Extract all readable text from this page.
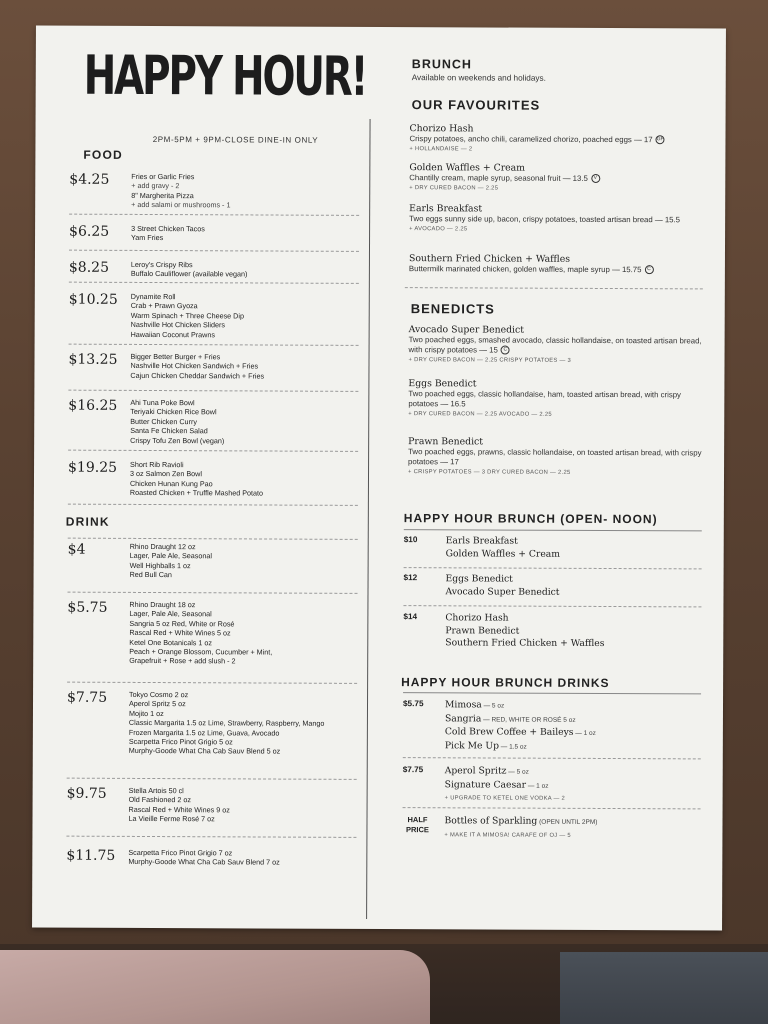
HAPPY HOUR!
2PM-5PM + 9PM-CLOSE DINE-IN ONLY
FOOD
$4.25	Fries or Garlic Fries
+ add gravy - 2
8" Margherita Pizza
+ add salami or mushrooms - 1
$6.25	3 Street Chicken Tacos
Yam Fries
$8.25	Leroy's Crispy Ribs
Buffalo Cauliflower (available vegan)
$10.25	Dynamite Roll
Crab + Prawn Gyoza
Warm Spinach + Three Cheese Dip
Nashville Hot Chicken Sliders
Hawaiian Coconut Prawns
$13.25	Bigger Better Burger + Fries
Nashville Hot Chicken Sandwich + Fries
Cajun Chicken Cheddar Sandwich + Fries
$16.25	Ahi Tuna Poke Bowl
Teriyaki Chicken Rice Bowl
Butter Chicken Curry
Santa Fe Chicken Salad
Crispy Tofu Zen Bowl (vegan)
$19.25	Short Rib Ravioli
3 oz Salmon Zen Bowl
Chicken Hunan Kung Pao
Roasted Chicken + Truffle Mashed Potato
DRINK
$4	Rhino Draught 12 oz
Lager, Pale Ale, Seasonal
Well Highballs 1 oz
Red Bull Can
$5.75	Rhino Draught 18 oz
Lager, Pale Ale, Seasonal
Sangria 5 oz Red, White or Rosé
Rascal Red + White Wines 5 oz
Ketel One Botanicals 1 oz
Peach + Orange Blossom, Cucumber + Mint,
Grapefruit + Rose + add slush - 2
$7.75	Tokyo Cosmo 2 oz
Aperol Spritz 5 oz
Mojito 1 oz
Classic Margarita 1.5 oz Lime, Strawberry, Raspberry, Mango
Frozen Margarita 1.5 oz Lime, Guava, Avocado
Scarpetta Frico Pinot Grigio 5 oz
Murphy-Goode What Cha Cab Sauv Blend 5 oz
$9.75	Stella Artois 50 cl
Old Fashioned 2 oz
Rascal Red + White Wines 9 oz
La Vieille Ferme Rosé 7 oz
$11.75	Scarpetta Frico Pinot Grigio 7 oz
Murphy-Goode What Cha Cab Sauv Blend 7 oz
BRUNCH
Available on weekends and holidays.
OUR FAVOURITES
Chorizo Hash
Crispy potatoes, ancho chili, caramelized chorizo, poached eggs — 17 GF
+ HOLLANDAISE — 2
Golden Waffles + Cream
Chantilly cream, maple syrup, seasonal fruit — 13.5 V
+ DRY CURED BACON — 2.25
Earls Breakfast
Two eggs sunny side up, bacon, crispy potatoes, toasted artisan bread — 15.5
+ AVOCADO — 2.25
Southern Fried Chicken + Waffles
Buttermilk marinated chicken, golden waffles, maple syrup — 15.75 C
BENEDICTS
Avocado Super Benedict
Two poached eggs, smashed avocado, classic hollandaise, on toasted artisan bread, with crispy potatoes — 15 C
+ DRY CURED BACON — 2.25 CRISPY POTATOES — 3
Eggs Benedict
Two poached eggs, classic hollandaise, ham, toasted artisan bread, with crispy potatoes — 16.5
+ DRY CURED BACON — 2.25 AVOCADO — 2.25
Prawn Benedict
Two poached eggs, prawns, classic hollandaise, on toasted artisan bread, with crispy potatoes — 17
+ CRISPY POTATOES — 3 DRY CURED BACON — 2.25
HAPPY HOUR BRUNCH (OPEN- NOON)
$10	Earls Breakfast
Golden Waffles + Cream
$12	Eggs Benedict
Avocado Super Benedict
$14	Chorizo Hash
Prawn Benedict
Southern Fried Chicken + Waffles
HAPPY HOUR BRUNCH DRINKS
$5.75	Mimosa — 5 oz
Sangria — RED, WHITE OR ROSÉ 5 oz
Cold Brew Coffee + Baileys — 1 oz
Pick Me Up — 1.5 oz
$7.75	Aperol Spritz — 5 oz
Signature Caesar — 1 oz
+ UPGRADE TO KETEL ONE VODKA — 2
HALF PRICE
Bottles of Sparkling (OPEN UNTIL 2PM)
+ MAKE IT A MIMOSA! CARAFE OF OJ — 5
